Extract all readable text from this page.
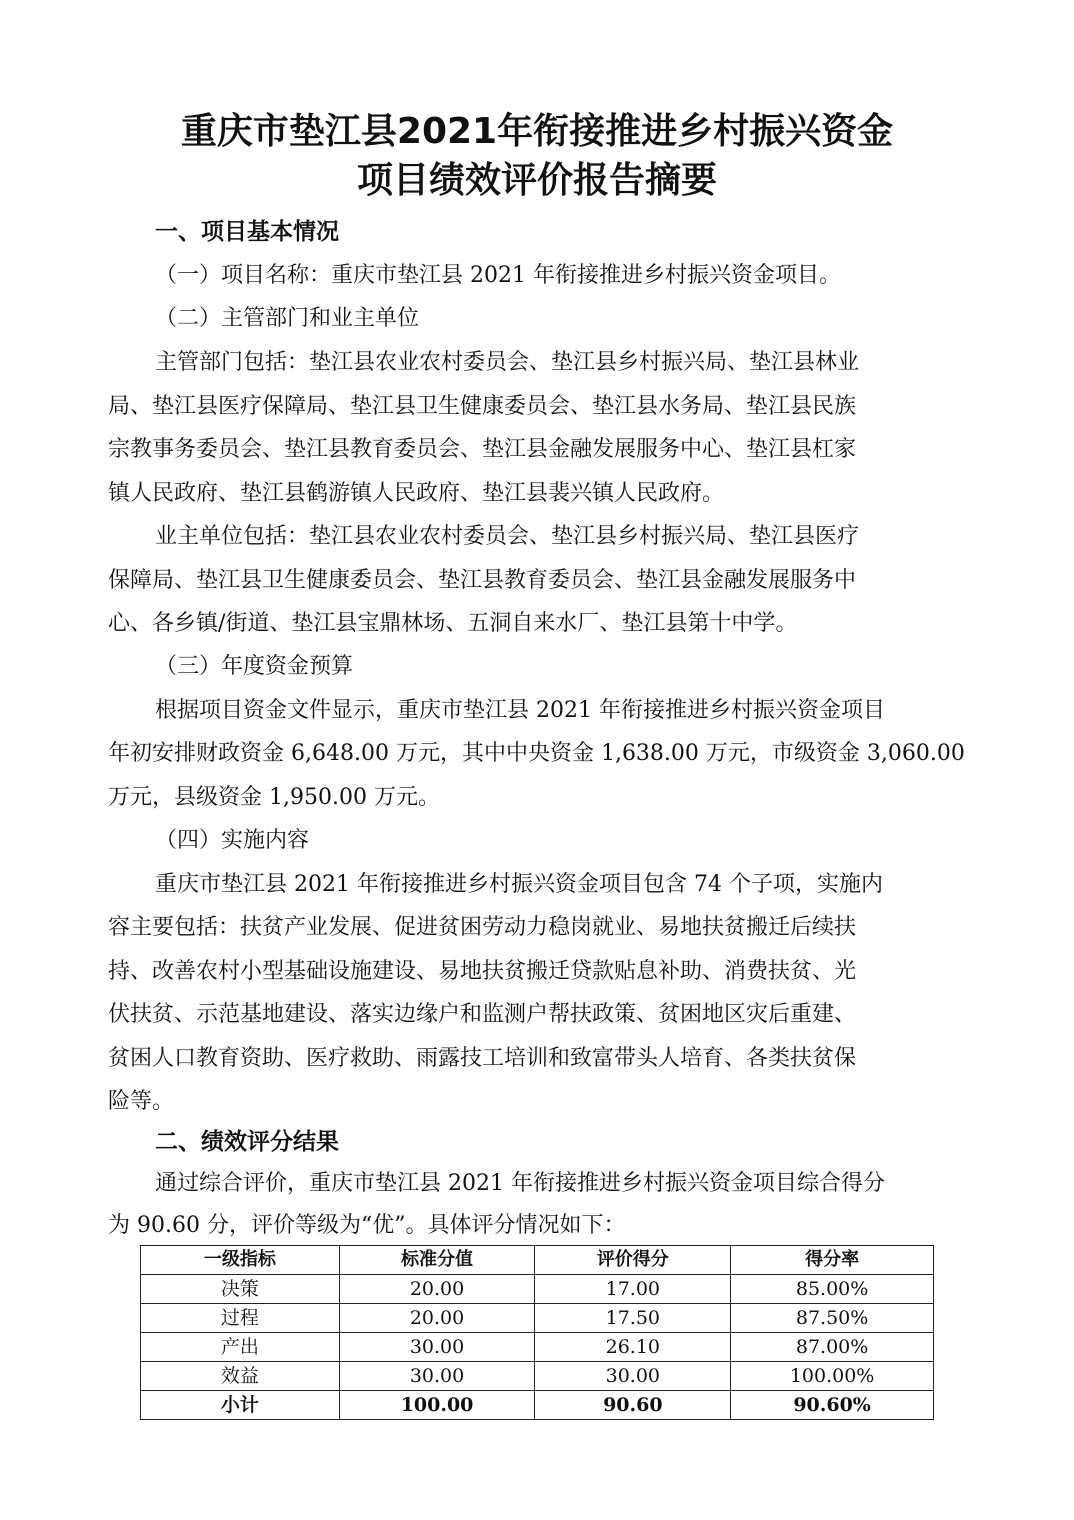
重庆市垫江县2021年衔接推进乡村振兴资金
项目绩效评价报告摘要
一、项目基本情况
（一）项目名称：重庆市垫江县 2021 年衔接推进乡村振兴资金项目。
（二）主管部门和业主单位
主管部门包括：垫江县农业农村委员会、垫江县乡村振兴局、垫江县林业
局、垫江县医疗保障局、垫江县卫生健康委员会、垫江县水务局、垫江县民族
宗教事务委员会、垫江县教育委员会、垫江县金融发展服务中心、垫江县杠家
镇人民政府、垫江县鹤游镇人民政府、垫江县裴兴镇人民政府。
业主单位包括：垫江县农业农村委员会、垫江县乡村振兴局、垫江县医疗
保障局、垫江县卫生健康委员会、垫江县教育委员会、垫江县金融发展服务中
心、各乡镇/街道、垫江县宝鼎林场、五洞自来水厂、垫江县第十中学。
（三）年度资金预算
根据项目资金文件显示，重庆市垫江县 2021 年衔接推进乡村振兴资金项目
年初安排财政资金 6,648.00 万元，其中中央资金 1,638.00 万元，市级资金 3,060.00
万元，县级资金 1,950.00 万元。
（四）实施内容
重庆市垫江县 2021 年衔接推进乡村振兴资金项目包含 74 个子项，实施内
容主要包括：扶贫产业发展、促进贫困劳动力稳岗就业、易地扶贫搬迁后续扶
持、改善农村小型基础设施建设、易地扶贫搬迁贷款贴息补助、消费扶贫、光
伏扶贫、示范基地建设、落实边缘户和监测户帮扶政策、贫困地区灾后重建、
贫困人口教育资助、医疗救助、雨露技工培训和致富带头人培育、各类扶贫保
险等。
二、绩效评分结果
通过综合评价，重庆市垫江县 2021 年衔接推进乡村振兴资金项目综合得分
为 90.60 分，评价等级为“优”。具体评分情况如下：
一级指标	标准分值	评价得分	得分率
决策	20.00	17.00	85.00%
过程	20.00	17.50	87.50%
产出	30.00	26.10	87.00%
效益	30.00	30.00	100.00%
小计	100.00	90.60	90.60%
